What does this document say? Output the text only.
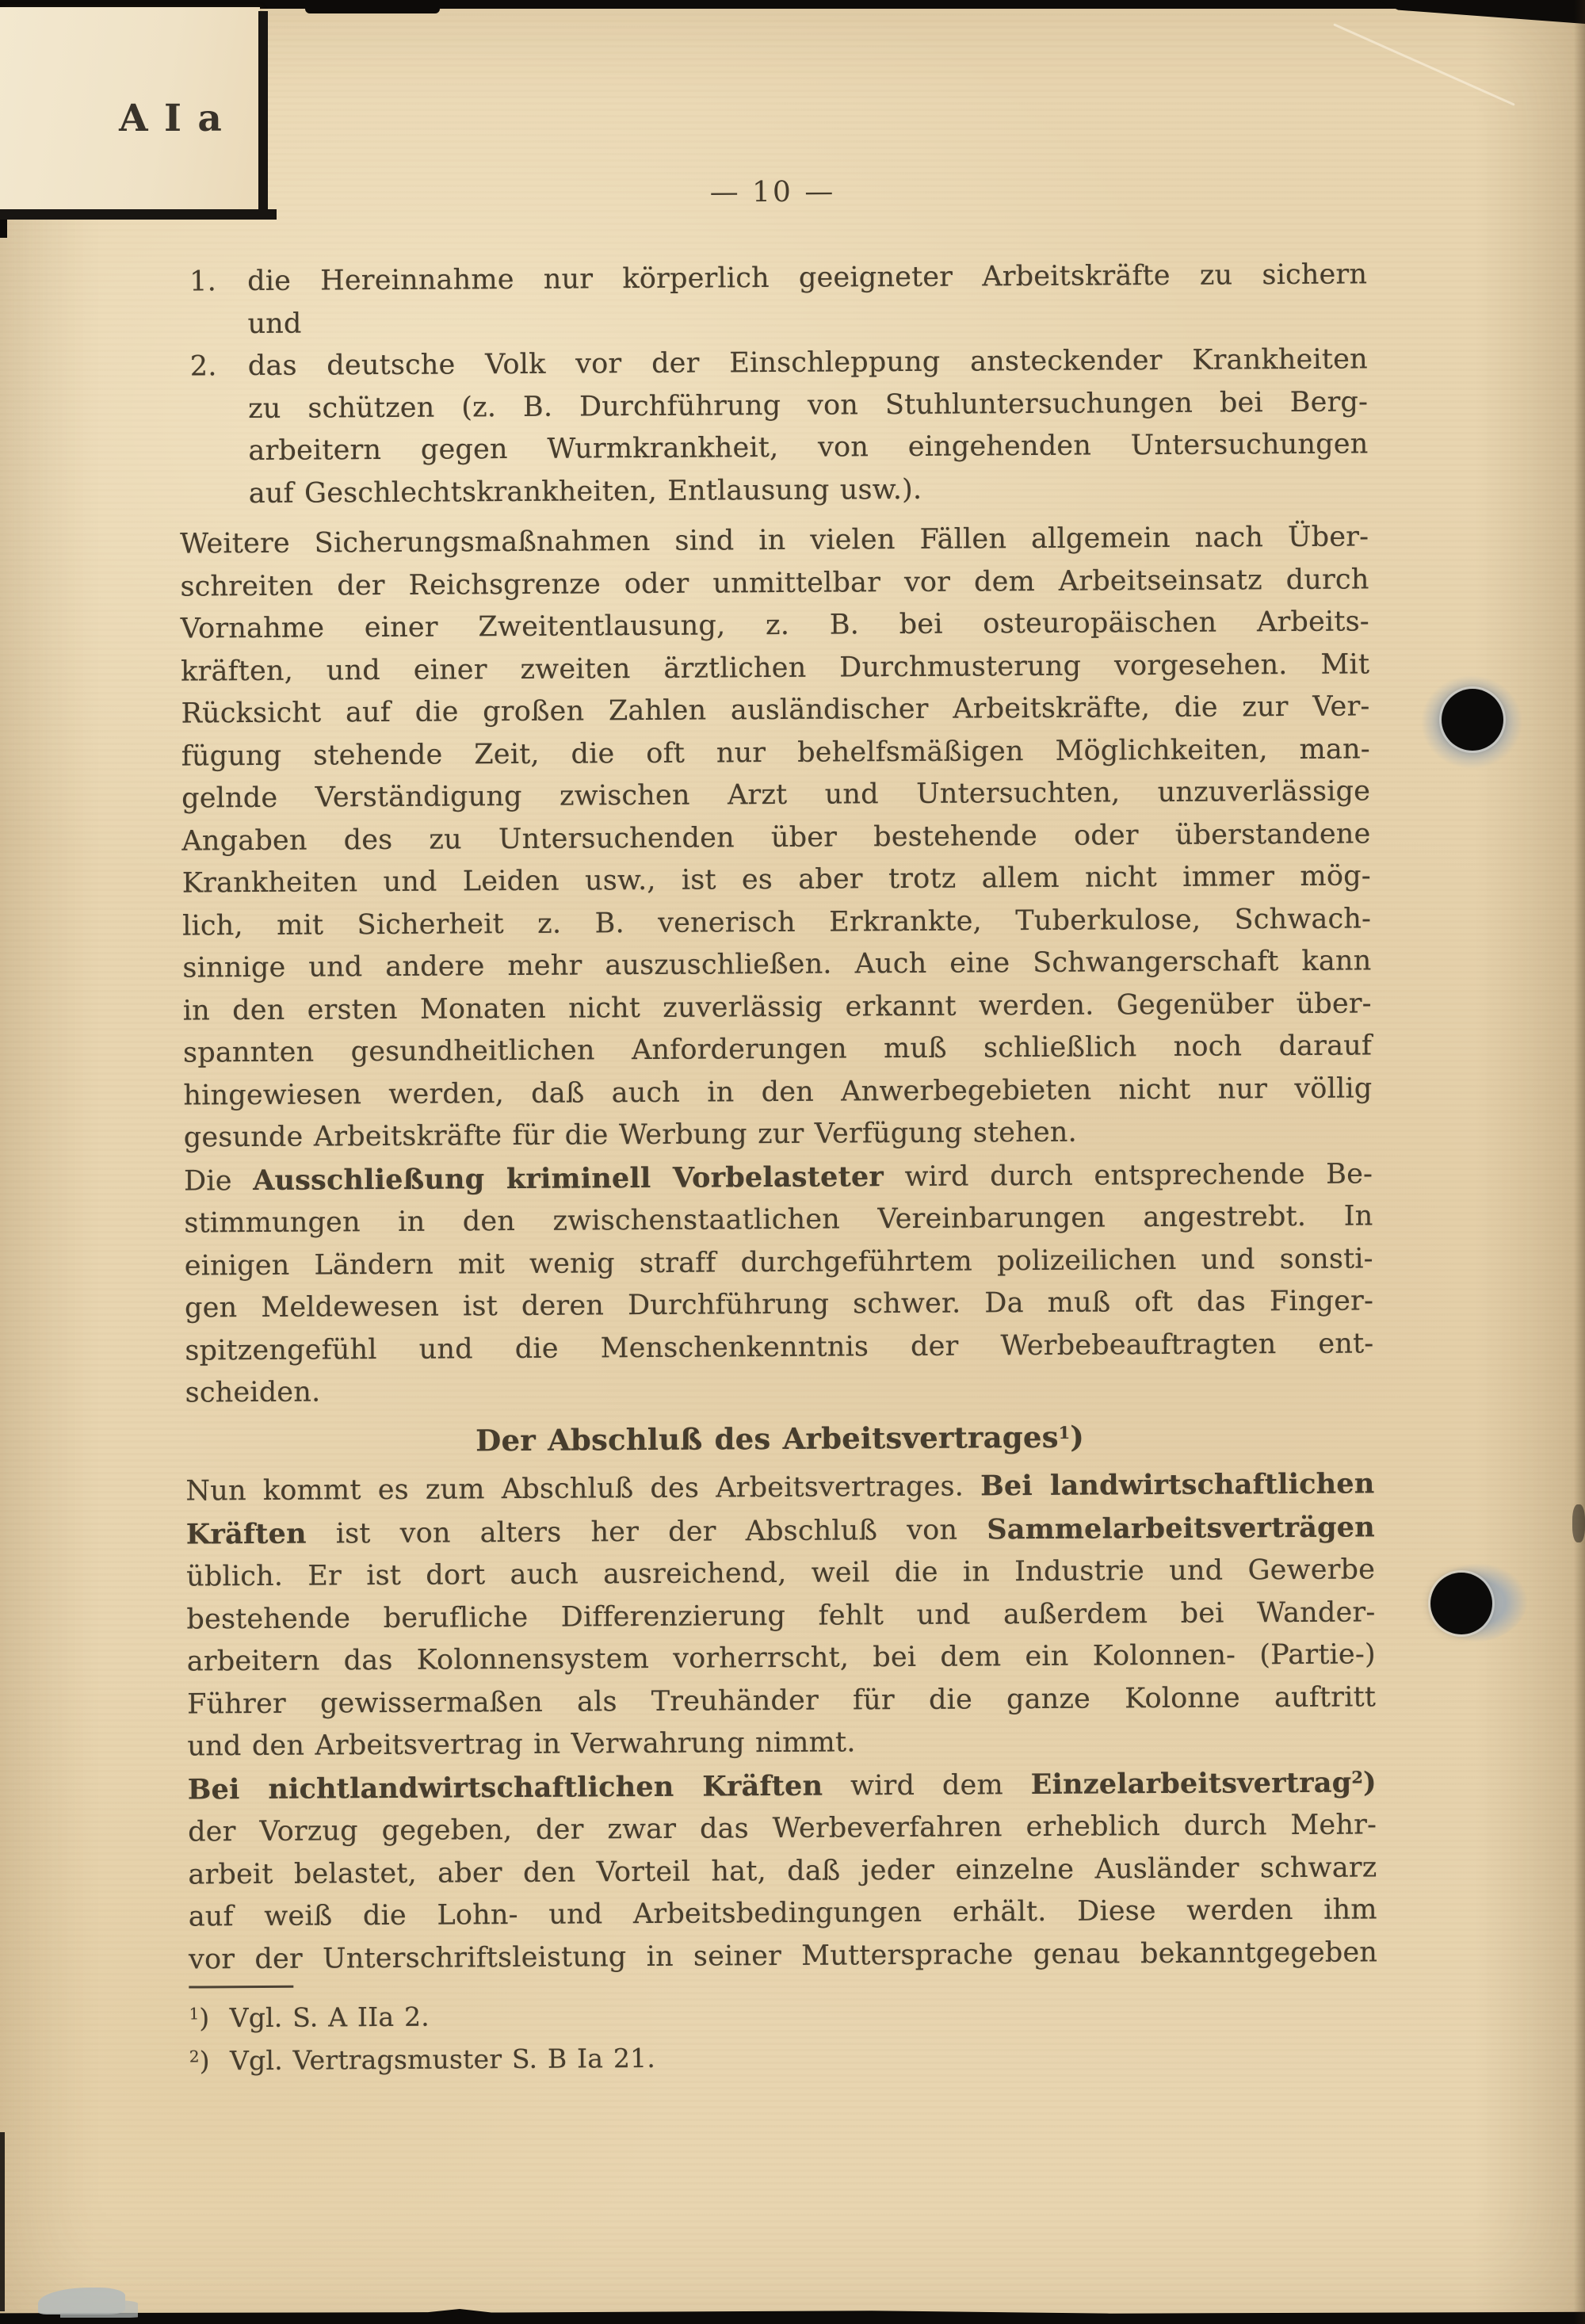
A I a
— 10 —
1. die Hereinnahme nur körperlich geeigneter Arbeitskräfte zu sichern
und
2. das deutsche Volk vor der Einschleppung ansteckender Krankheiten
zu schützen (z. B. Durchführung von Stuhluntersuchungen bei Berg-
arbeitern gegen Wurmkrankheit, von eingehenden Untersuchungen
auf Geschlechtskrankheiten, Entlausung usw.).
Weitere Sicherungsmaßnahmen sind in vielen Fällen allgemein nach Über-
schreiten der Reichsgrenze oder unmittelbar vor dem Arbeitseinsatz durch
Vornahme einer Zweitentlausung, z. B. bei osteuropäischen Arbeits-
kräften, und einer zweiten ärztlichen Durchmusterung vorgesehen. Mit
Rücksicht auf die großen Zahlen ausländischer Arbeitskräfte, die zur Ver-
fügung stehende Zeit, die oft nur behelfsmäßigen Möglichkeiten, man-
gelnde Verständigung zwischen Arzt und Untersuchten, unzuverlässige
Angaben des zu Untersuchenden über bestehende oder überstandene
Krankheiten und Leiden usw., ist es aber trotz allem nicht immer mög-
lich, mit Sicherheit z. B. venerisch Erkrankte, Tuberkulose, Schwach-
sinnige und andere mehr auszuschließen. Auch eine Schwangerschaft kann
in den ersten Monaten nicht zuverlässig erkannt werden. Gegenüber über-
spannten gesundheitlichen Anforderungen muß schließlich noch darauf
hingewiesen werden, daß auch in den Anwerbegebieten nicht nur völlig
gesunde Arbeitskräfte für die Werbung zur Verfügung stehen.
Die Ausschließung kriminell Vorbelasteter wird durch entsprechende Be-
stimmungen in den zwischenstaatlichen Vereinbarungen angestrebt. In
einigen Ländern mit wenig straff durchgeführtem polizeilichen und sonsti-
gen Meldewesen ist deren Durchführung schwer. Da muß oft das Finger-
spitzengefühl und die Menschenkenntnis der Werbebeauftragten ent-
scheiden.
Der Abschluß des Arbeitsvertrages$^1$)
Nun kommt es zum Abschluß des Arbeitsvertrages. Bei landwirtschaftlichen
Kräften ist von alters her der Abschluß von Sammelarbeitsverträgen
üblich. Er ist dort auch ausreichend, weil die in Industrie und Gewerbe
bestehende berufliche Differenzierung fehlt und außerdem bei Wander-
arbeitern das Kolonnensystem vorherrscht, bei dem ein Kolonnen- (Partie-)
Führer gewissermaßen als Treuhänder für die ganze Kolonne auftritt
und den Arbeitsvertrag in Verwahrung nimmt.
Bei nichtlandwirtschaftlichen Kräften wird dem Einzelarbeitsvertrag$^2$)
der Vorzug gegeben, der zwar das Werbeverfahren erheblich durch Mehr-
arbeit belastet, aber den Vorteil hat, daß jeder einzelne Ausländer schwarz
auf weiß die Lohn- und Arbeitsbedingungen erhält. Diese werden ihm
vor der Unterschriftsleistung in seiner Muttersprache genau bekanntgegeben
$^1$)  Vgl. S. A IIa 2.
$^2$)  Vgl. Vertragsmuster S. B Ia 21.
